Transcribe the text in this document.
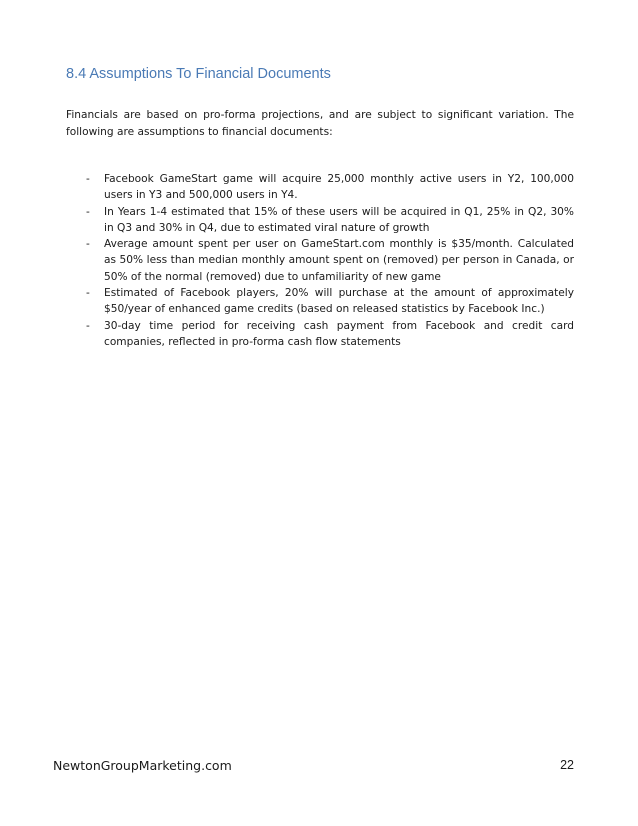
8.4 Assumptions To Financial Documents

Financials are based on pro-forma projections, and are subject to significant variation. The following are assumptions to financial documents:

- Facebook GameStart game will acquire 25,000 monthly active users in Y2, 100,000 users in Y3 and 500,000 users in Y4.
- In Years 1-4 estimated that 15% of these users will be acquired in Q1, 25% in Q2, 30% in Q3 and 30% in Q4, due to estimated viral nature of growth
- Average amount spent per user on GameStart.com monthly is $35/month. Calculated as 50% less than median monthly amount spent on (removed) per person in Canada, or 50% of the normal (removed) due to unfamiliarity of new game
- Estimated of Facebook players, 20% will purchase at the amount of approximately $50/year of enhanced game credits (based on released statistics by Facebook Inc.)
- 30-day time period for receiving cash payment from Facebook and credit card companies, reflected in pro-forma cash flow statements
NewtonGroupMarketing.com	22
